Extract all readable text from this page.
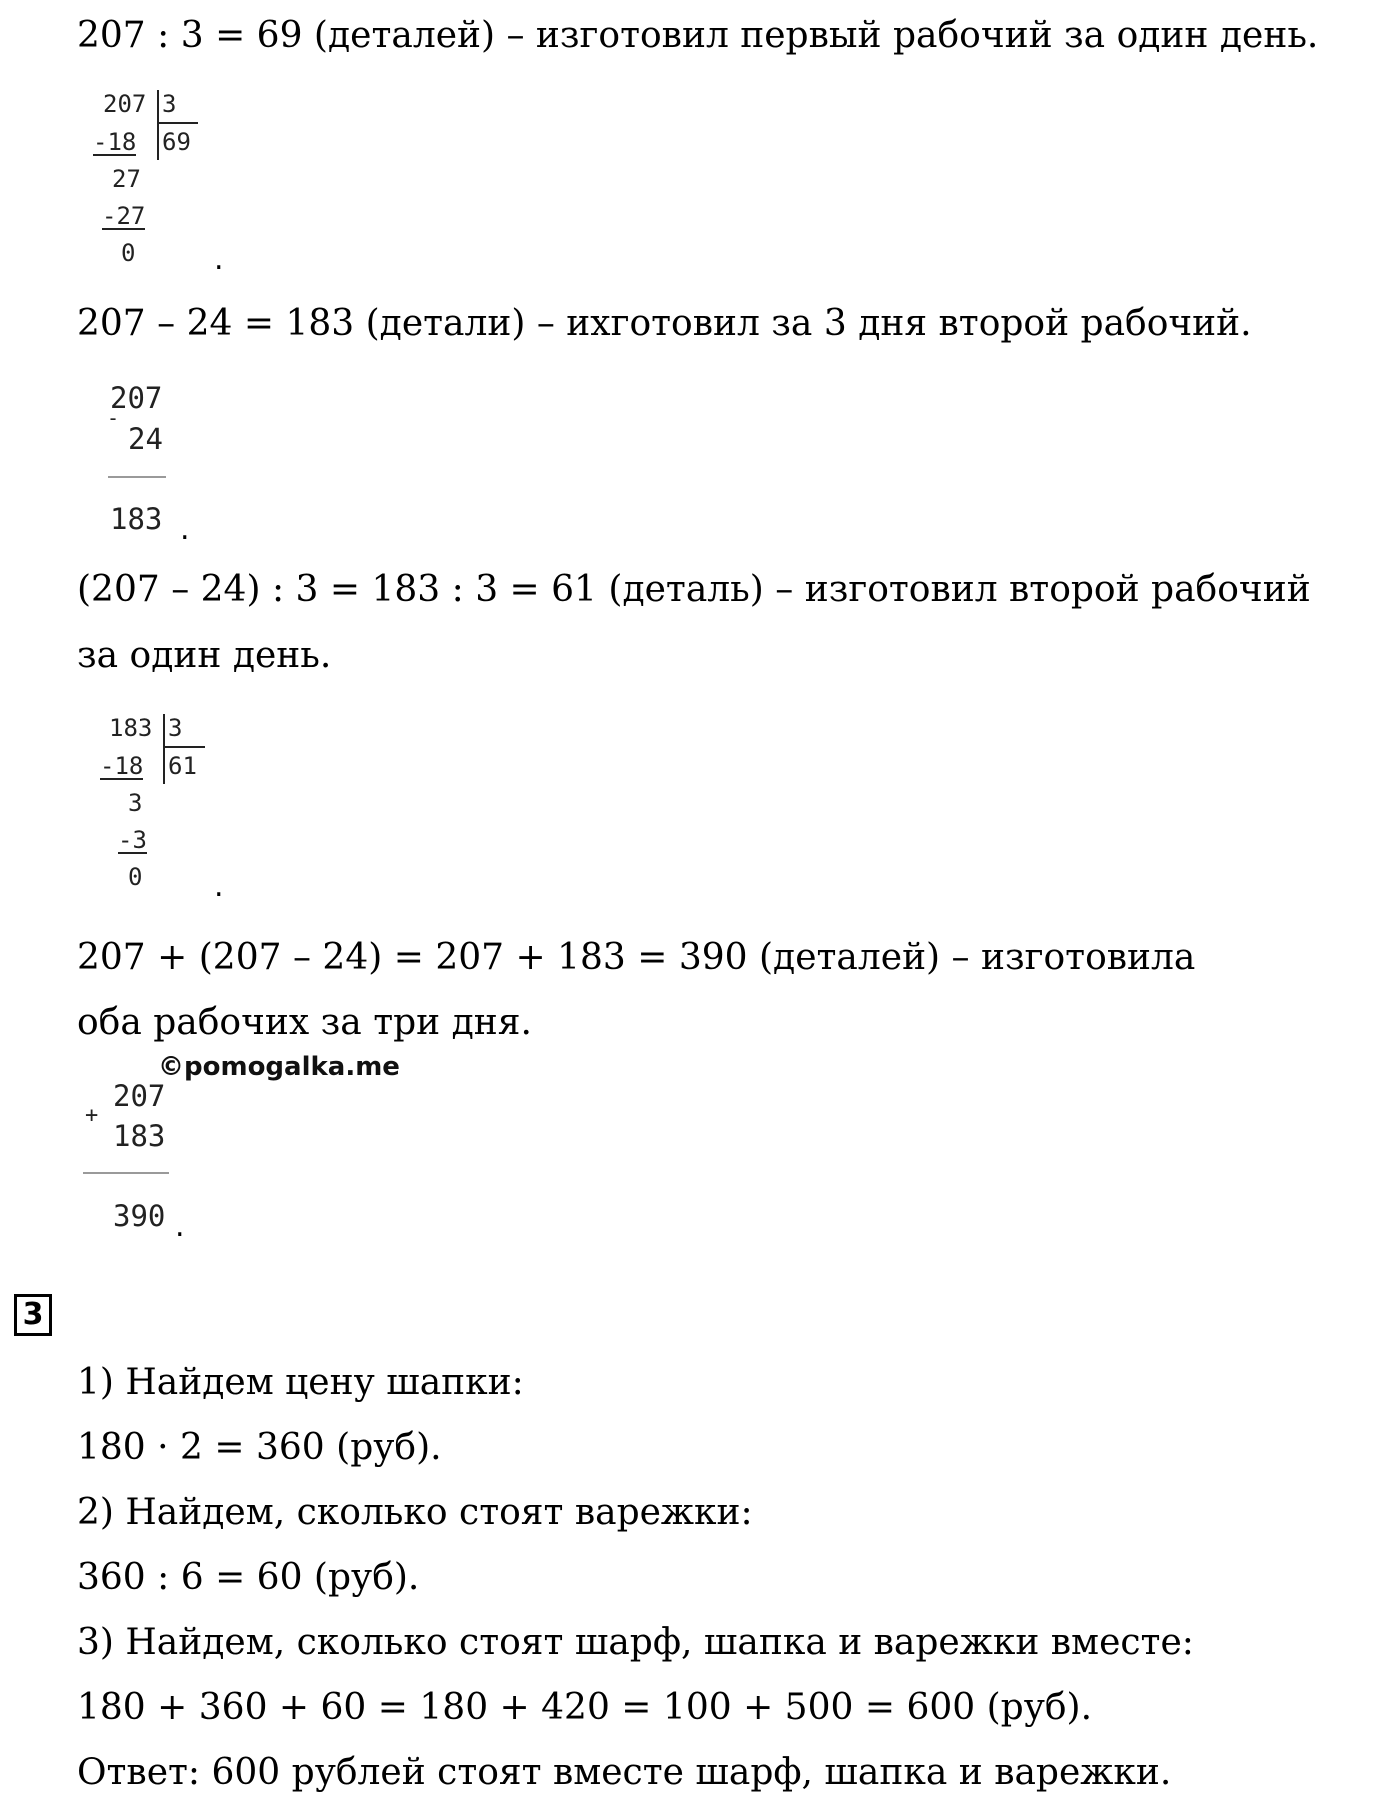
207 : 3 = 69 (деталей) – изготовил первый рабочий за один день.
207 3
69
-18
27
-27
0	.
207 – 24 = 183 (детали) – ихготовил за 3 дня второй рабочий.
207
-
24
183 .
(207 – 24) : 3 = 183 : 3 = 61 (деталь) – изготовил второй рабочий
за один день.
183 3
61
-18
3
-3
0 .
207 + (207 – 24) = 207 + 183 = 390 (деталей) – изготовила
оба рабочих за три дня.
©pomogalka.me
207
+
183
390 .
3
1) Найдем цену шапки:
180 · 2 = 360 (руб).
2) Найдем, сколько стоят варежки:
360 : 6 = 60 (руб).
3) Найдем, сколько стоят шарф, шапка и варежки вместе:
180 + 360 + 60 = 180 + 420 = 100 + 500 = 600 (руб).
Ответ: 600 рублей стоят вместе шарф, шапка и варежки.
